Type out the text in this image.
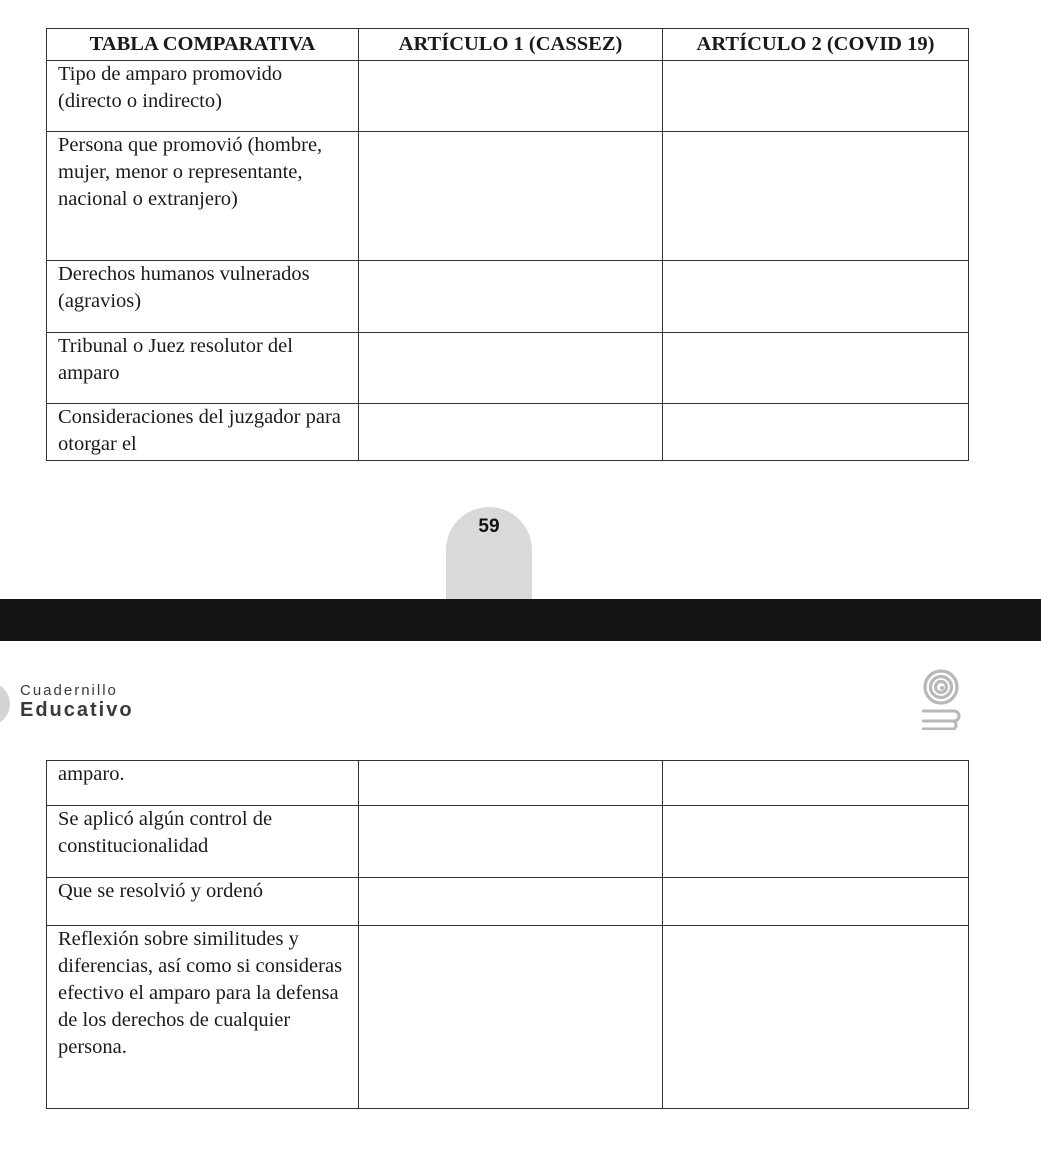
TABLA COMPARATIVA	ARTÍCULO 1 (CASSEZ)	ARTÍCULO 2 (COVID 19)
Tipo de amparo promovido (directo o indirecto)		
Persona que promovió (hombre, mujer, menor o representante, nacional o extranjero)		
Derechos humanos vulnerados (agravios)		
Tribunal o Juez resolutor del amparo		
Consideraciones del juzgador para otorgar el		
59
Cuadernillo
Educativo
amparo.		
Se aplicó algún control de constitucionalidad		
Que se resolvió y ordenó		
Reflexión sobre similitudes y diferencias, así como si consideras efectivo el amparo para la defensa de los derechos de cualquier persona.		
